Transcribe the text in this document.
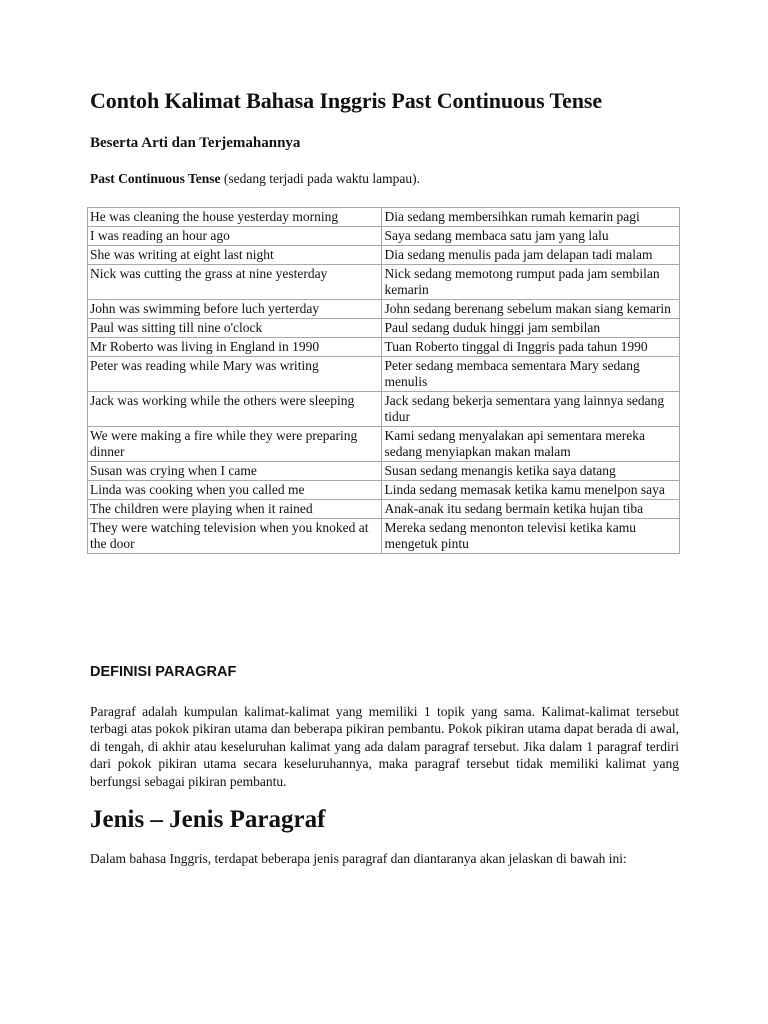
Contoh Kalimat Bahasa Inggris Past Continuous Tense
Beserta Arti dan Terjemahannya

Past Continuous Tense (sedang terjadi pada waktu lampau).

He was cleaning the house yesterday morning	Dia sedang membersihkan rumah kemarin pagi
I was reading an hour ago	Saya sedang membaca satu jam yang lalu
She was writing at eight last night	Dia sedang menulis pada jam delapan tadi malam
Nick was cutting the grass at nine yesterday	Nick sedang memotong rumput pada jam sembilan kemarin
John was swimming before luch yerterday	John sedang berenang sebelum makan siang kemarin
Paul was sitting till nine o'clock	Paul sedang duduk hinggi jam sembilan
Mr Roberto was living in England in 1990	Tuan Roberto tinggal di Inggris pada tahun 1990
Peter was reading while Mary was writing	Peter sedang membaca sementara Mary sedang menulis
Jack was working while the others were sleeping	Jack sedang bekerja sementara yang lainnya sedang tidur
We were making a fire while they were preparing dinner	Kami sedang menyalakan api sementara mereka sedang menyiapkan makan malam
Susan was crying when I came	Susan sedang menangis ketika saya datang
Linda was cooking when you called me	Linda sedang memasak ketika kamu menelpon saya
The children were playing when it rained	Anak-anak itu sedang bermain ketika hujan tiba
They were watching television when you knoked at the door	Mereka sedang menonton televisi ketika kamu mengetuk pintu
DEFINISI PARAGRAF

Paragraf adalah kumpulan kalimat-kalimat yang memiliki 1 topik yang sama. Kalimat-kalimat tersebut terbagi atas pokok pikiran utama dan beberapa pikiran pembantu. Pokok pikiran utama dapat berada di awal, di tengah, di akhir atau keseluruhan kalimat yang ada dalam paragraf tersebut. Jika dalam 1 paragraf terdiri dari pokok pikiran utama secara keseluruhannya, maka paragraf tersebut tidak memiliki kalimat yang berfungsi sebagai pikiran pembantu.

Jenis – Jenis Paragraf

Dalam bahasa Inggris, terdapat beberapa jenis paragraf dan diantaranya akan jelaskan di bawah ini:
